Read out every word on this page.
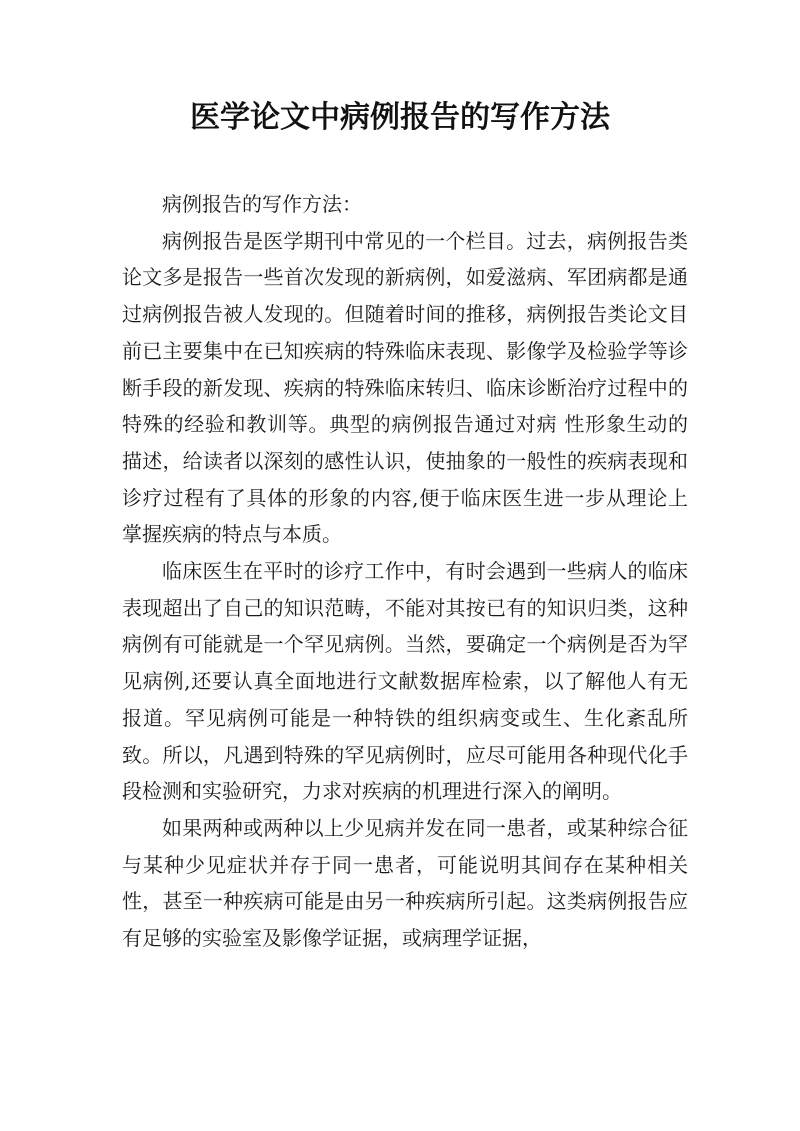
医学论文中病例报告的写作方法

病例报告的写作方法：

病例报告是医学期刊中常见的一个栏目。过去，病例报告类论文多是报告一些首次发现的新病例，如爱滋病、军团病都是通过病例报告被人发现的。但随着时间的推移，病例报告类论文目前已主要集中在已知疾病的特殊临床表现、影像学及检验学等诊断手段的新发现、疾病的特殊临床转归、临床诊断治疗过程中的特殊的经验和教训等。典型的病例报告通过对病 性形象生动的描述，给读者以深刻的感性认识，使抽象的一般性的疾病表现和诊疗过程有了具体的形象的内容,便于临床医生进一步从理论上掌握疾病的特点与本质。

临床医生在平时的诊疗工作中，有时会遇到一些病人的临床表现超出了自己的知识范畴，不能对其按已有的知识归类，这种病例有可能就是一个罕见病例。当然，要确定一个病例是否为罕见病例,还要认真全面地进行文献数据库检索，以了解他人有无报道。罕见病例可能是一种特铁的组织病变或生、生化紊乱所致。所以，凡遇到特殊的罕见病例时，应尽可能用各种现代化手段检测和实验研究，力求对疾病的机理进行深入的阐明。

如果两种或两种以上少见病并发在同一患者，或某种综合征与某种少见症状并存于同一患者，可能说明其间存在某种相关性，甚至一种疾病可能是由另一种疾病所引起。这类病例报告应有足够的实验室及影像学证据，或病理学证据，
